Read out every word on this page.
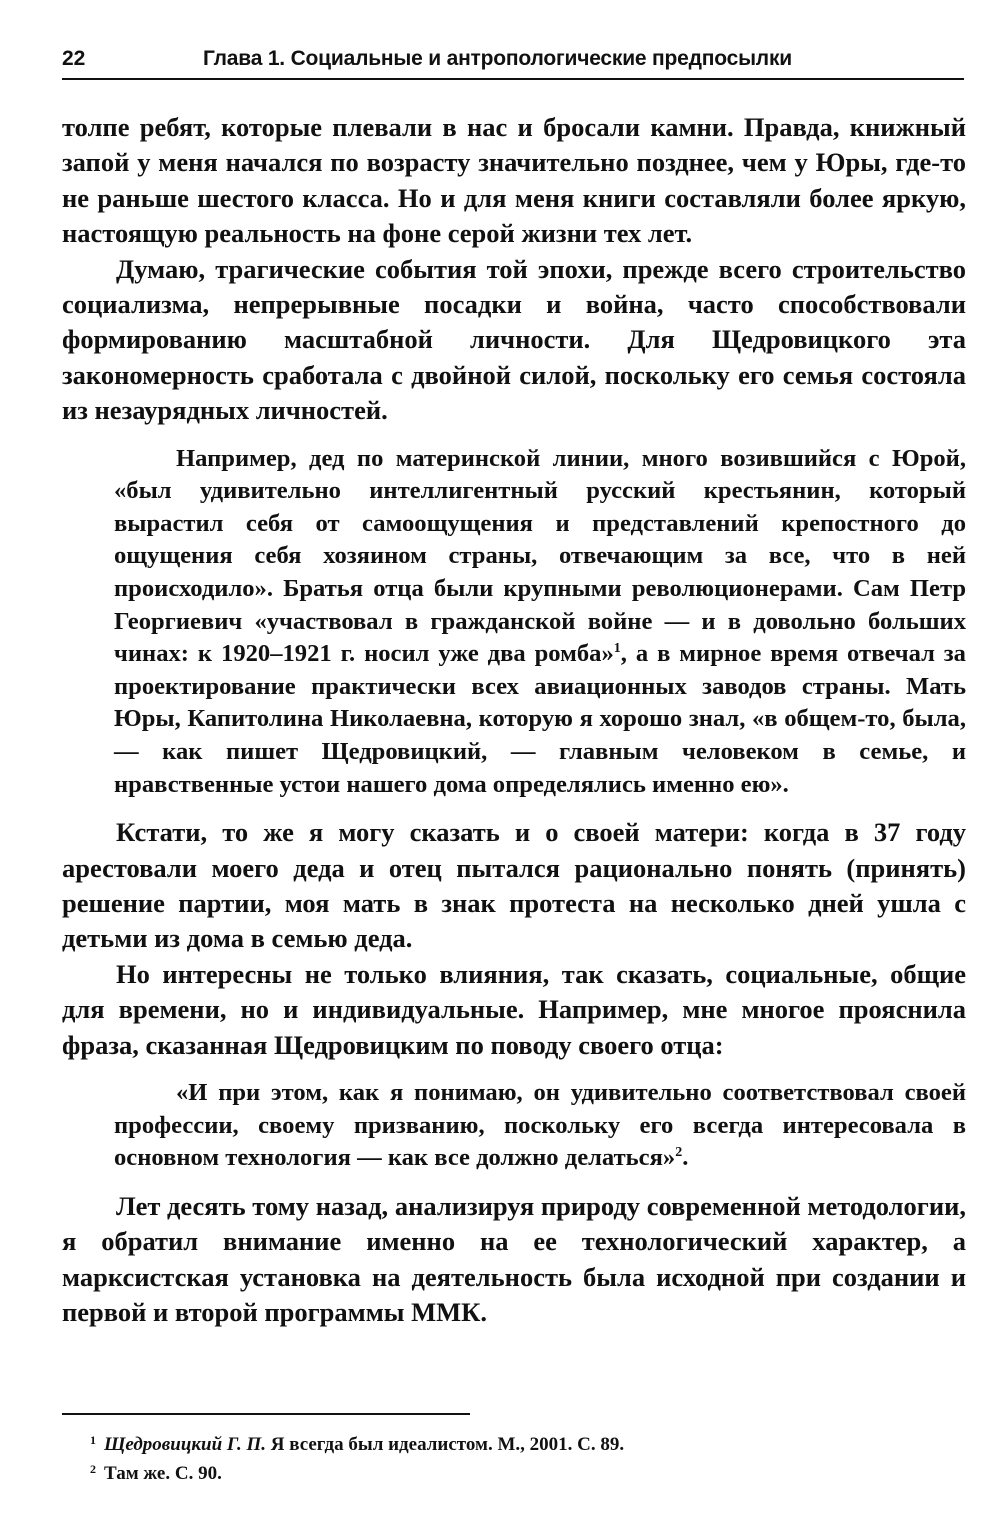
22	Глава 1. Социальные и антропологические предпосылки

толпе ребят, которые плевали в нас и бросали камни. Правда, книжный запой у меня начался по возрасту значительно позднее, чем у Юры, где-то не раньше шестого класса. Но и для меня книги составляли более яркую, настоящую реальность на фоне серой жизни тех лет.

Думаю, трагические события той эпохи, прежде всего строительство социализма, непрерывные посадки и война, часто способствовали формированию масштабной личности. Для Щедровицкого эта закономерность сработала с двойной силой, поскольку его семья состояла из незаурядных личностей.

Например, дед по материнской линии, много возившийся с Юрой, «был удивительно интеллигентный русский крестьянин, который вырастил себя от самоощущения и представлений крепостного до ощущения себя хозяином страны, отвечающим за все, что в ней происходило». Братья отца были крупными революционерами. Сам Петр Георгиевич «участвовал в гражданской войне — и в довольно больших чинах: к 1920–1921 г. носил уже два ромба»$^1$, а в мирное время отвечал за проектирование практически всех авиационных заводов страны. Мать Юры, Капитолина Николаевна, которую я хорошо знал, «в общем-то, была, — как пишет Щедровицкий, — главным человеком в семье, и нравственные устои нашего дома определялись именно ею».

Кстати, то же я могу сказать и о своей матери: когда в 37 году арестовали моего деда и отец пытался рационально понять (принять) решение партии, моя мать в знак протеста на несколько дней ушла с детьми из дома в семью деда.

Но интересны не только влияния, так сказать, социальные, общие для времени, но и индивидуальные. Например, мне многое прояснила фраза, сказанная Щедровицким по поводу своего отца:

«И при этом, как я понимаю, он удивительно соответствовал своей профессии, своему призванию, поскольку его всегда интересовала в основном технология — как все должно делаться»$^2$.

Лет десять тому назад, анализируя природу современной методологии, я обратил внимание именно на ее технологический характер, а марксистская установка на деятельность была исходной при создании и первой и второй программы ММК.

1 Щедровицкий Г. П. Я всегда был идеалистом. М., 2001. С. 89.
2 Там же. С. 90.
